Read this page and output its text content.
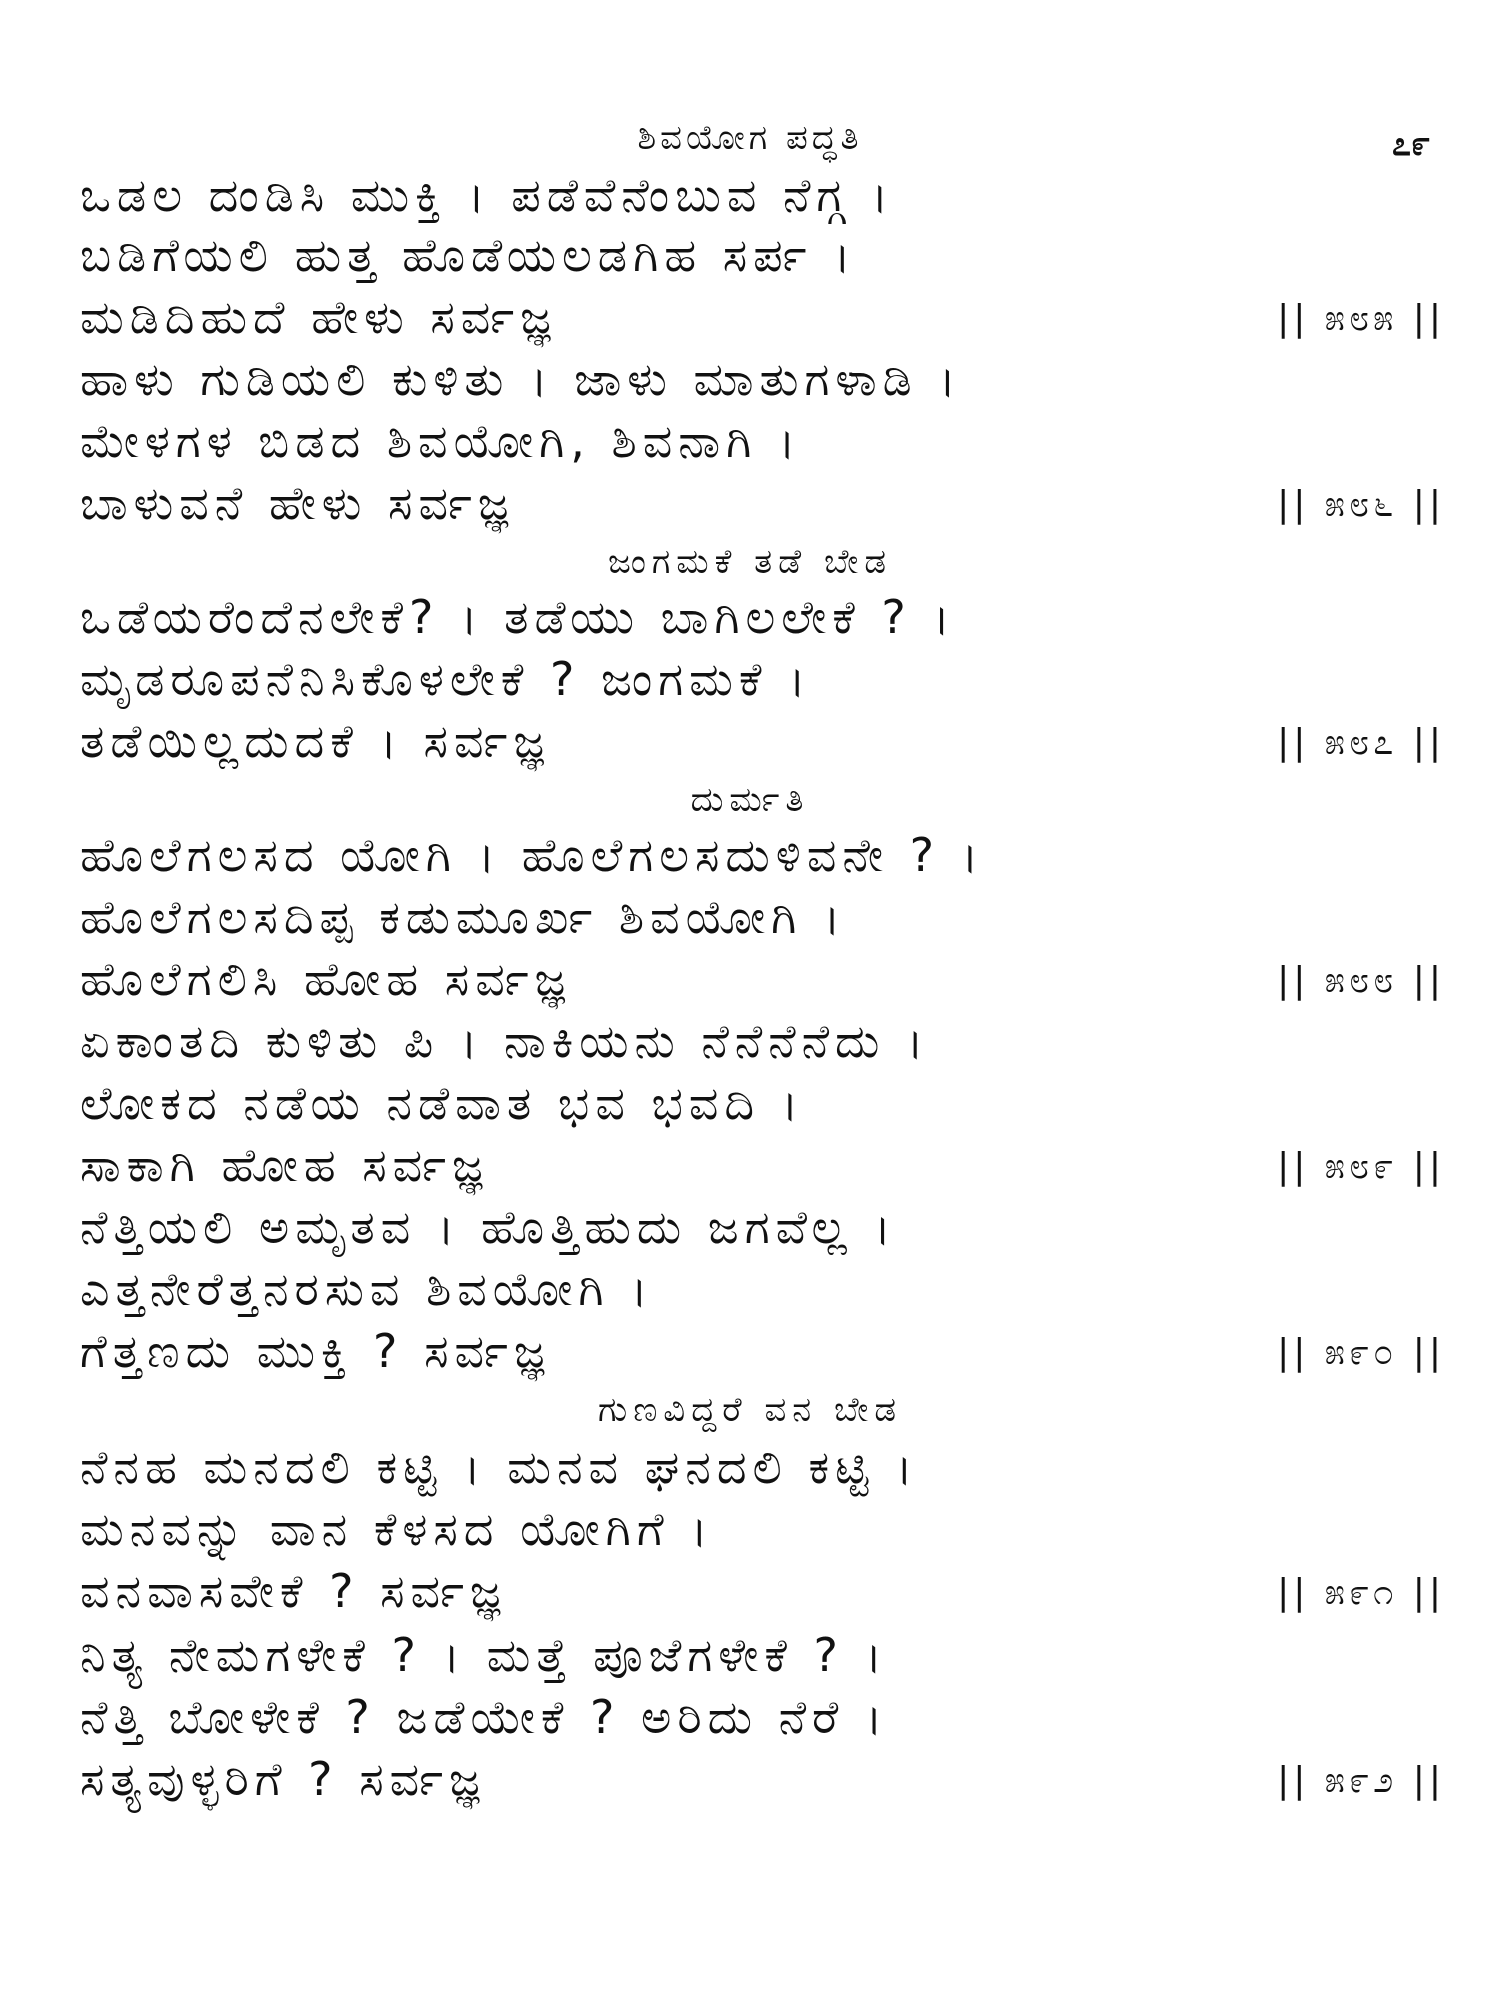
ಶಿವಯೋಗ ಪದ್ಧತಿ	೭೯
ಒಡಲ ದಂಡಿಸಿ ಮುಕ್ತಿ । ಪಡೆವೆನೆಂಬುವ ನೆಗ್ಗ ।
ಬಡಿಗೆಯಲಿ ಹುತ್ತ ಹೊಡೆಯಲಡಗಿಹ ಸರ್ಪ ।
ಮಡಿದಿಹುದೆ ಹೇಳು ಸರ್ವಜ್ಞ	|| ೫೮೫ ||
ಹಾಳು ಗುಡಿಯಲಿ ಕುಳಿತು । ಜಾಳು ಮಾತುಗಳಾಡಿ ।
ಮೇಳಗಳ ಬಿಡದ ಶಿವಯೋಗಿ, ಶಿವನಾಗಿ ।
ಬಾಳುವನೆ ಹೇಳು ಸರ್ವಜ್ಞ	|| ೫೮೬ ||
ಜಂಗಮಕೆ ತಡೆ ಬೇಡ
ಒಡೆಯರೆಂದೆನಲೇಕೆ? । ತಡೆಯು ಬಾಗಿಲಲೇಕೆ ? ।
ಮೃಡರೂಪನೆನಿಸಿಕೊಳಲೇಕೆ ? ಜಂಗಮಕೆ ।
ತಡೆಯಿಲ್ಲದುದಕೆ । ಸರ್ವಜ್ಞ	|| ೫೮೭ ||
ದುರ್ಮತಿ
ಹೊಲೆಗಲಸದ ಯೋಗಿ । ಹೊಲೆಗಲಸದುಳಿವನೇ ? ।
ಹೊಲೆಗಲಸದಿಪ್ಪ ಕಡುಮೂರ್ಖ ಶಿವಯೋಗಿ ।
ಹೊಲೆಗಲಿಸಿ ಹೋಹ ಸರ್ವಜ್ಞ	|| ೫೮೮ ||
ಏಕಾಂತದಿ ಕುಳಿತು ಪಿ । ನಾಕಿಯನು ನೆನೆನೆನೆದು ।
ಲೋಕದ ನಡೆಯ ನಡೆವಾತ ಭವ ಭವದಿ ।
ಸಾಕಾಗಿ ಹೋಹ ಸರ್ವಜ್ಞ	|| ೫೮೯ ||
ನೆತ್ತಿಯಲಿ ಅಮೃತವ । ಹೊತ್ತಿಹುದು ಜಗವೆಲ್ಲ ।
ಎತ್ತನೇರೆತ್ತನರಸುವ ಶಿವಯೋಗಿ ।
ಗೆತ್ತಣದು ಮುಕ್ತಿ ? ಸರ್ವಜ್ಞ	|| ೫೯೦ ||
ಗುಣವಿದ್ದರೆ ವನ ಬೇಡ
ನೆನಹ ಮನದಲಿ ಕಟ್ಟಿ । ಮನವ ಘನದಲಿ ಕಟ್ಟಿ ।
ಮನವನ್ನು ವಾನ ಕೆಳಸದ ಯೋಗಿಗೆ ।
ವನವಾಸವೇಕೆ ? ಸರ್ವಜ್ಞ	|| ೫೯೧ ||
ನಿತ್ಯ ನೇಮಗಳೇಕೆ ? । ಮತ್ತೆ ಪೂಜೆಗಳೇಕೆ ? ।
ನೆತ್ತಿ ಬೋಳೇಕೆ ? ಜಡೆಯೇಕೆ ? ಅರಿದು ನೆರೆ ।
ಸತ್ಯವುಳ್ಳರಿಗೆ ? ಸರ್ವಜ್ಞ	|| ೫೯೨ ||
